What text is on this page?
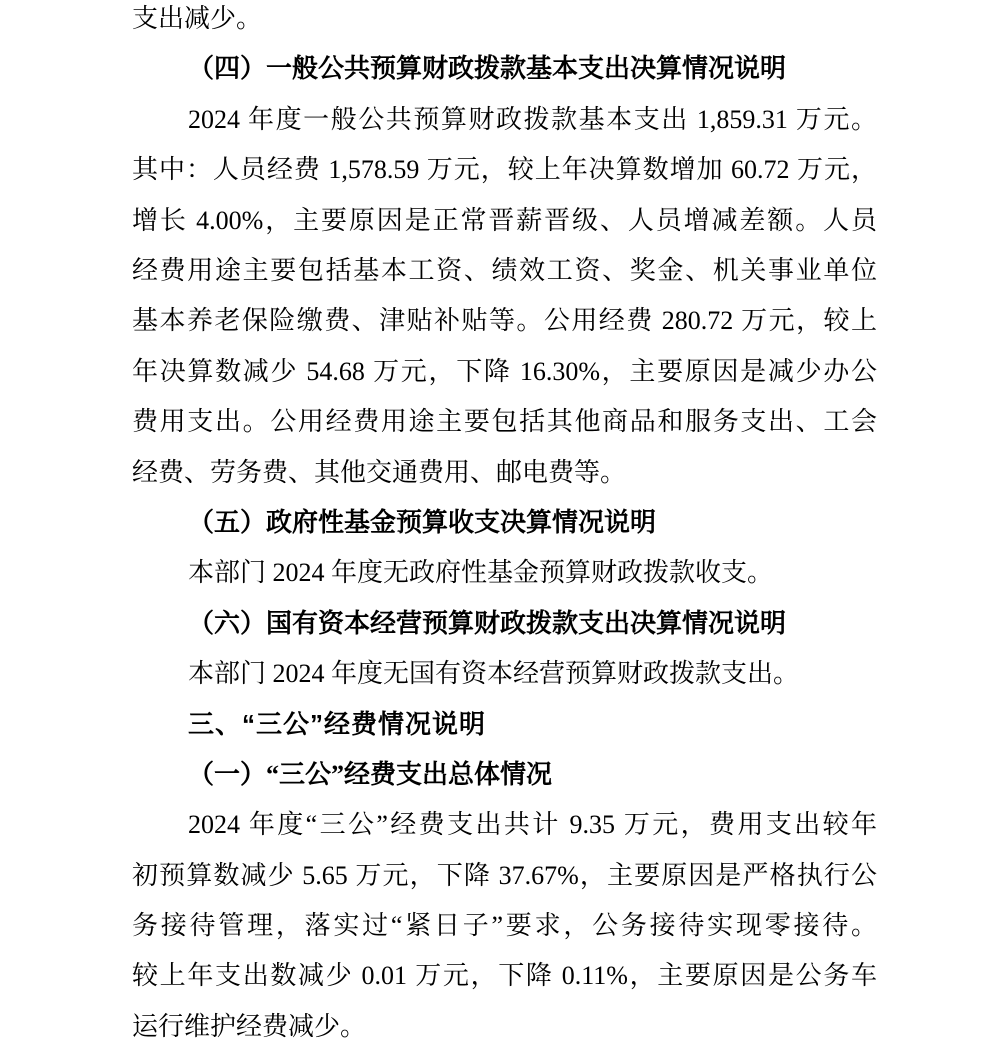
支出减少。
（四）一般公共预算财政拨款基本支出决算情况说明
2024 年度一般公共预算财政拨款基本支出 1,859.31 万元。
其中：人员经费 1,578.59 万元，较上年决算数增加 60.72 万元，
增长 4.00%，主要原因是正常晋薪晋级、人员增减差额。人员
经费用途主要包括基本工资、绩效工资、奖金、机关事业单位
基本养老保险缴费、津贴补贴等。公用经费 280.72 万元，较上
年决算数减少 54.68 万元，下降 16.30%，主要原因是减少办公
费用支出。公用经费用途主要包括其他商品和服务支出、工会
经费、劳务费、其他交通费用、邮电费等。
（五）政府性基金预算收支决算情况说明
本部门 2024 年度无政府性基金预算财政拨款收支。
（六）国有资本经营预算财政拨款支出决算情况说明
本部门 2024 年度无国有资本经营预算财政拨款支出。
三、“三公”经费情况说明
（一）“三公”经费支出总体情况
2024 年度“三公”经费支出共计 9.35 万元，费用支出较年
初预算数减少 5.65 万元，下降 37.67%，主要原因是严格执行公
务接待管理，落实过“紧日子”要求，公务接待实现零接待。
较上年支出数减少 0.01 万元，下降 0.11%，主要原因是公务车
运行维护经费减少。
